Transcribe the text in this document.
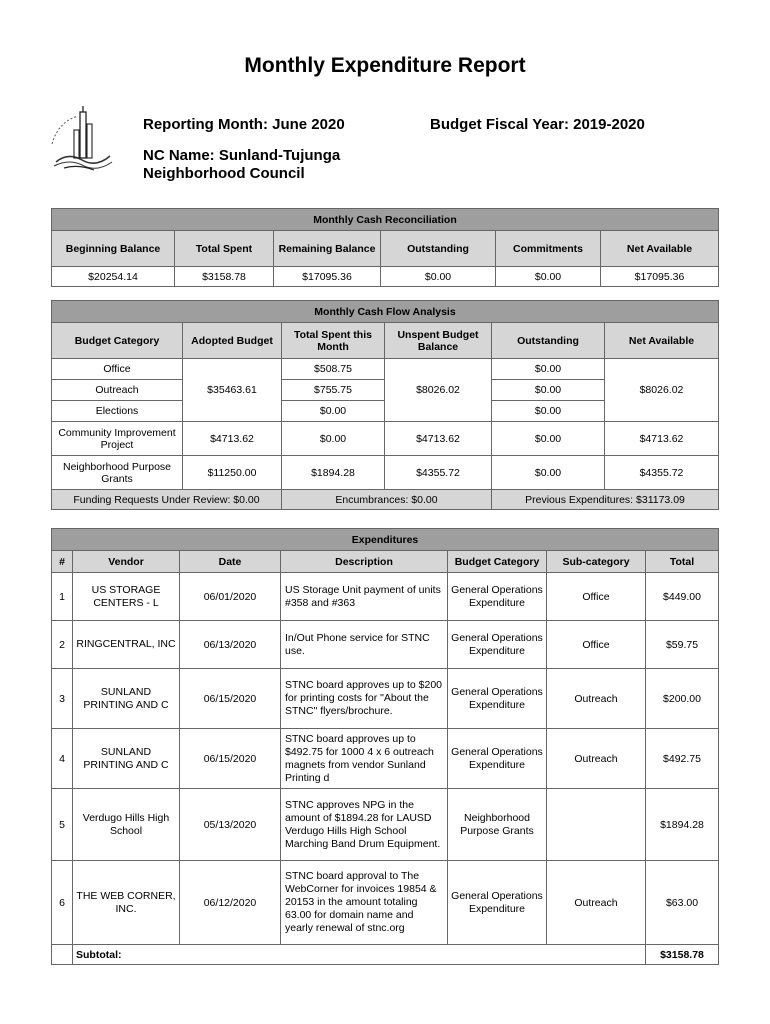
Monthly Expenditure Report
Reporting Month: June 2020	Budget Fiscal Year: 2019-2020
NC Name: Sunland-Tujunga
Neighborhood Council
Monthly Cash Reconciliation					
Beginning Balance	Total Spent	Remaining Balance	Outstanding	Commitments	Net Available
$20254.14	$3158.78	$17095.36	$0.00	$0.00	$17095.36
Monthly Cash Flow Analysis					
Budget Category	Adopted Budget	Total Spent this Month	Unspent Budget Balance	Outstanding	Net Available
Office	$35463.61	$508.75	$8026.02	$0.00	$8026.02
Outreach		$755.75		$0.00	
Elections		$0.00		$0.00	
Community Improvement Project	$4713.62	$0.00	$4713.62	$0.00	$4713.62
Neighborhood Purpose Grants	$11250.00	$1894.28	$4355.72	$0.00	$4355.72
Funding Requests Under Review: $0.00		Encumbrances: $0.00		Previous Expenditures: $31173.09	
Expenditures						
#	Vendor	Date	Description	Budget Category	Sub-category	Total
1	US STORAGE CENTERS - L	06/01/2020	US Storage Unit payment of units #358 and #363	General Operations Expenditure	Office	$449.00
2	RINGCENTRAL, INC	06/13/2020	In/Out Phone service for STNC use.	General Operations Expenditure	Office	$59.75
3	SUNLAND PRINTING AND C	06/15/2020	STNC board approves up to $200 for printing costs for "About the STNC" flyers/brochure.	General Operations Expenditure	Outreach	$200.00
4	SUNLAND PRINTING AND C	06/15/2020	STNC board approves up to $492.75 for 1000 4 x 6 outreach magnets from vendor Sunland Printing d	General Operations Expenditure	Outreach	$492.75
5	Verdugo Hills High School	05/13/2020	STNC approves NPG in the amount of $1894.28 for LAUSD Verdugo Hills High School Marching Band Drum Equipment.	Neighborhood Purpose Grants		$1894.28
6	THE WEB CORNER, INC.	06/12/2020	STNC board approval to The WebCorner for invoices 19854 & 20153 in the amount totaling 63.00 for domain name and yearly renewal of stnc.org	General Operations Expenditure	Outreach	$63.00
	Subtotal:					$3158.78
